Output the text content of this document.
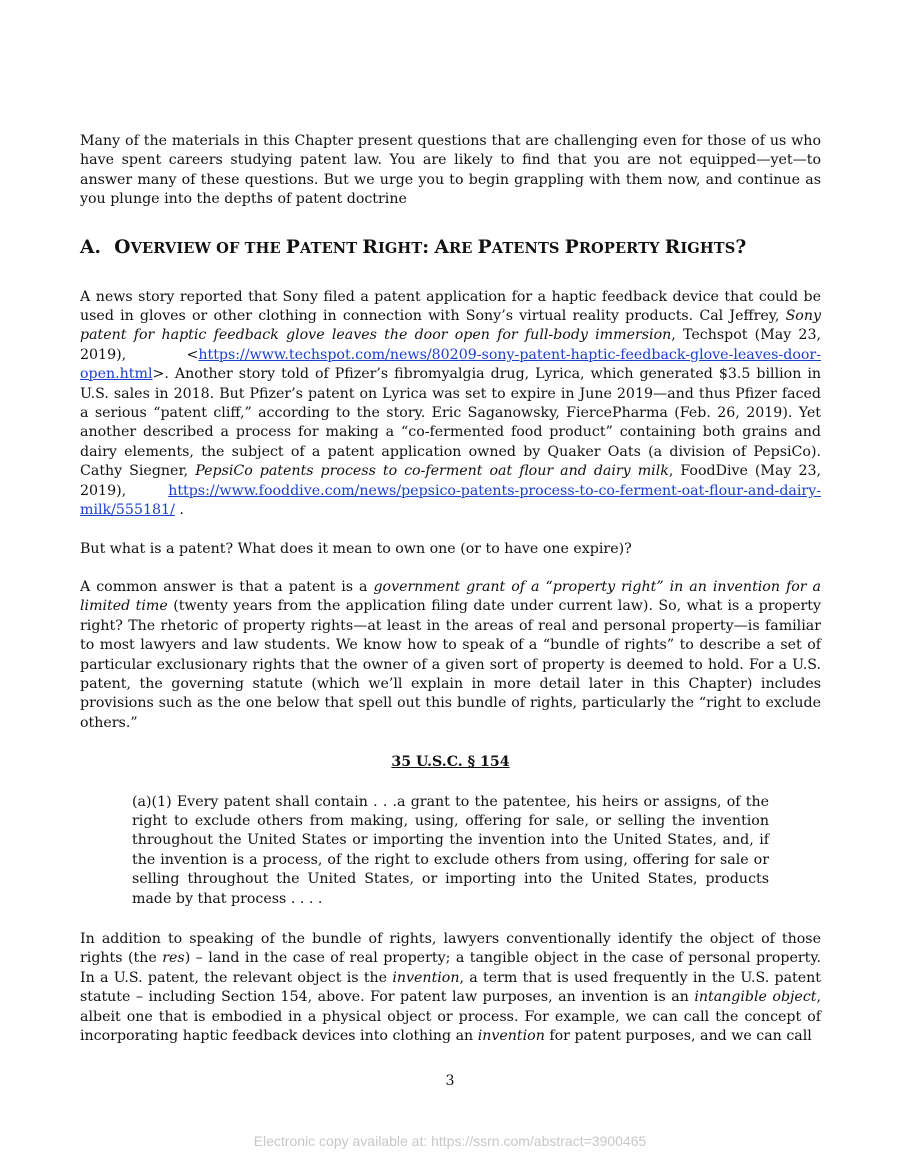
Many of the materials in this Chapter present questions that are challenging even for those of us who have spent careers studying patent law. You are likely to find that you are not equipped—yet—to answer many of these questions. But we urge you to begin grappling with them now, and continue as you plunge into the depths of patent doctrine

A. OVERVIEW OF THE PATENT RIGHT: ARE PATENTS PROPERTY RIGHTS?

A news story reported that Sony filed a patent application for a haptic feedback device that could be used in gloves or other clothing in connection with Sony’s virtual reality products. Cal Jeffrey, Sony patent for haptic feedback glove leaves the door open for full-body immersion, Techspot (May 23, 2019), <https://www.techspot.com/news/80209-sony-patent-haptic-feedback-glove-leaves-door-open.html>. Another story told of Pfizer’s fibromyalgia drug, Lyrica, which generated $3.5 billion in U.S. sales in 2018. But Pfizer’s patent on Lyrica was set to expire in June 2019—and thus Pfizer faced a serious “patent cliff,” according to the story. Eric Saganowsky, FiercePharma (Feb. 26, 2019). Yet another described a process for making a “co-fermented food product” containing both grains and dairy elements, the subject of a patent application owned by Quaker Oats (a division of PepsiCo). Cathy Siegner, PepsiCo patents process to co-ferment oat flour and dairy milk, FoodDive (May 23, 2019), https://www.fooddive.com/news/pepsico-patents-process-to-co-ferment-oat-flour-and-dairy-milk/555181/ .

But what is a patent? What does it mean to own one (or to have one expire)?

A common answer is that a patent is a government grant of a “property right” in an invention for a limited time (twenty years from the application filing date under current law). So, what is a property right? The rhetoric of property rights—at least in the areas of real and personal property—is familiar to most lawyers and law students. We know how to speak of a “bundle of rights” to describe a set of particular exclusionary rights that the owner of a given sort of property is deemed to hold. For a U.S. patent, the governing statute (which we’ll explain in more detail later in this Chapter) includes provisions such as the one below that spell out this bundle of rights, particularly the “right to exclude others.”

35 U.S.C. § 154
(a)(1) Every patent shall contain . . .a grant to the patentee, his heirs or assigns, of the right to exclude others from making, using, offering for sale, or selling the invention throughout the United States or importing the invention into the United States, and, if the invention is a process, of the right to exclude others from using, offering for sale or selling throughout the United States, or importing into the United States, products made by that process . . . .

In addition to speaking of the bundle of rights, lawyers conventionally identify the object of those rights (the res) – land in the case of real property; a tangible object in the case of personal property. In a U.S. patent, the relevant object is the invention, a term that is used frequently in the U.S. patent statute – including Section 154, above. For patent law purposes, an invention is an intangible object, albeit one that is embodied in a physical object or process. For example, we can call the concept of incorporating haptic feedback devices into clothing an invention for patent purposes, and we can call

3
Electronic copy available at: https://ssrn.com/abstract=3900465
